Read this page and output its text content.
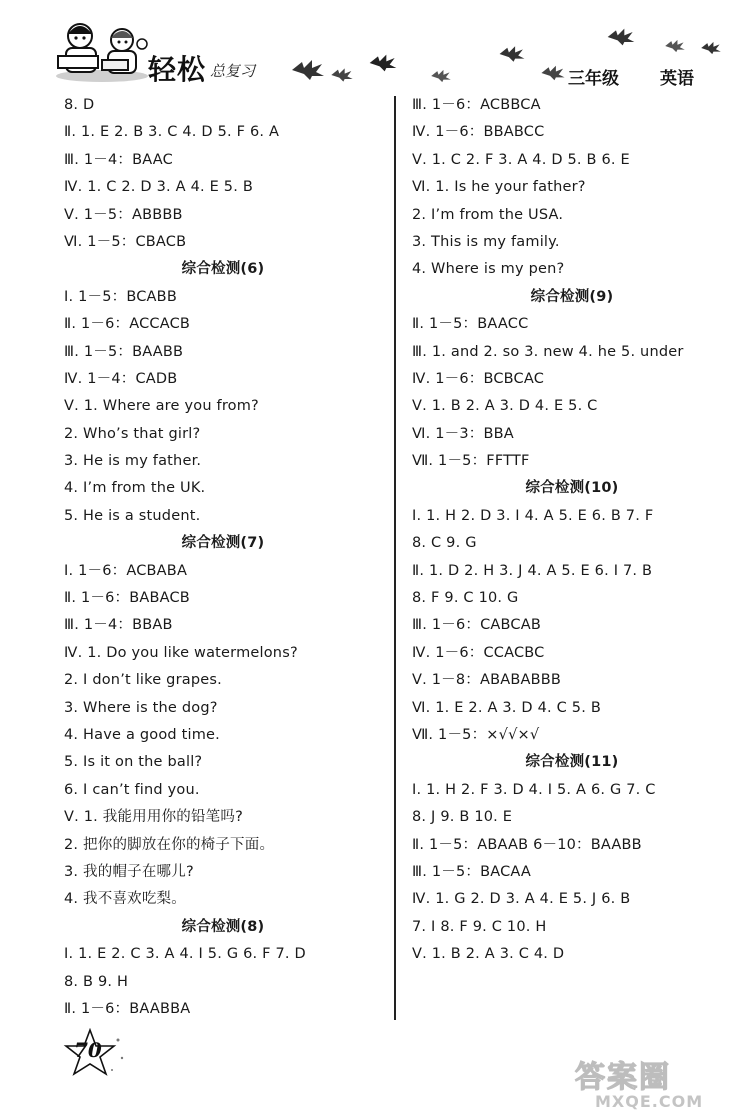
轻松 总复习	三年级 英语
8. D
Ⅱ. 1. E 2. B 3. C 4. D 5. F 6. A
Ⅲ. 1－4：BAAC
Ⅳ. 1. C 2. D 3. A 4. E 5. B
Ⅴ. 1－5：ABBBB
Ⅵ. 1－5：CBACB
综合检测(6)
Ⅰ. 1－5：BCABB
Ⅱ. 1－6：ACCACB
Ⅲ. 1－5：BAABB
Ⅳ. 1－4：CADB
Ⅴ. 1. Where are you from?
2. Who’s that girl?
3. He is my father.
4. I’m from the UK.
5. He is a student.
综合检测(7)
Ⅰ. 1－6：ACBABA
Ⅱ. 1－6：BABACB
Ⅲ. 1－4：BBAB
Ⅳ. 1. Do you like watermelons?
2. I don’t like grapes.
3. Where is the dog?
4. Have a good time.
5. Is it on the ball?
6. I can’t find you.
Ⅴ. 1. 我能用用你的铅笔吗?
2. 把你的脚放在你的椅子下面。
3. 我的帽子在哪儿?
4. 我不喜欢吃梨。
综合检测(8)
Ⅰ. 1. E 2. C 3. A 4. I 5. G 6. F 7. D
8. B 9. H
Ⅱ. 1－6：BAABBA
Ⅲ. 1－6：ACBBCA
Ⅳ. 1－6：BBABCC
Ⅴ. 1. C 2. F 3. A 4. D 5. B 6. E
Ⅵ. 1. Is he your father?
2. I’m from the USA.
3. This is my family.
4. Where is my pen?
综合检测(9)
Ⅱ. 1－5：BAACC
Ⅲ. 1. and 2. so 3. new 4. he 5. under
Ⅳ. 1－6：BCBCAC
Ⅴ. 1. B 2. A 3. D 4. E 5. C
Ⅵ. 1－3：BBA
Ⅶ. 1－5：FFTTF
综合检测(10)
Ⅰ. 1. H 2. D 3. I 4. A 5. E 6. B 7. F
8. C 9. G
Ⅱ. 1. D 2. H 3. J 4. A 5. E 6. I 7. B
8. F 9. C 10. G
Ⅲ. 1－6：CABCAB
Ⅳ. 1－6：CCACBC
Ⅴ. 1－8：ABABABBB
Ⅵ. 1. E 2. A 3. D 4. C 5. B
Ⅶ. 1－5：×√√×√
综合检测(11)
Ⅰ. 1. H 2. F 3. D 4. I 5. A 6. G 7. C
8. J 9. B 10. E
Ⅱ. 1－5：ABAAB 6－10：BAABB
Ⅲ. 1－5：BACAA
Ⅳ. 1. G 2. D 3. A 4. E 5. J 6. B
7. I 8. F 9. C 10. H
Ⅴ. 1. B 2. A 3. C 4. D
70
答案圈
MXQE.COM
